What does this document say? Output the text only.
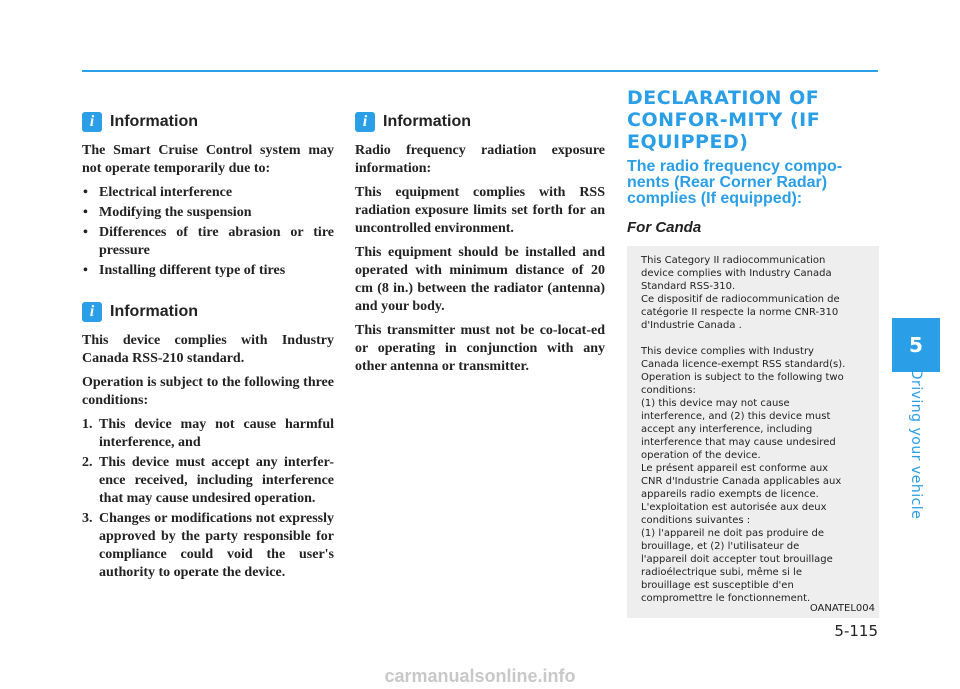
i Information

The Smart Cruise Control system may not operate temporarily due to:

• Electrical interference
• Modifying the suspension
• Differences of tire abrasion or tire pressure
• Installing different type of tires
i Information

This device complies with Industry Canada RSS-210 standard.

Operation is subject to the following three conditions:

1. This device may not cause harmful interference, and
2. This device must accept any interfer-ence received, including interference that may cause undesired operation.
3. Changes or modifications not expressly approved by the party responsible for compliance could void the user's authority to operate the device.
i Information

Radio frequency radiation exposure information:

This equipment complies with RSS radiation exposure limits set forth for an uncontrolled environment.

This equipment should be installed and operated with minimum distance of 20 cm (8 in.) between the radiator (antenna) and your body.

This transmitter must not be co-locat-ed or operating in conjunction with any other antenna or transmitter.

DECLARATION OF CONFOR-MITY (IF EQUIPPED)
The radio frequency compo-nents (Rear Corner Radar) complies (If equipped):
For Canda
This Category II radiocommunication
device complies with Industry Canada
Standard RSS-310.
Ce dispositif de radiocommunication de
catégorie II respecte la norme CNR-310
d'Industrie Canada .
This device complies with Industry
Canada licence-exempt RSS standard(s).
Operation is subject to the following two
conditions:
(1) this device may not cause
interference, and (2) this device must
accept any interference, including
interference that may cause undesired
operation of the device.
Le présent appareil est conforme aux
CNR d'Industrie Canada applicables aux
appareils radio exempts de licence.
L'exploitation est autorisée aux deux
conditions suivantes :
(1) l'appareil ne doit pas produire de
brouillage, et (2) l'utilisateur de
l'appareil doit accepter tout brouillage
radioélectrique subi, même si le
brouillage est susceptible d'en
compromettre le fonctionnement.
OANATEL004
5
Driving your vehicle
5-115
carmanualsonline.info
